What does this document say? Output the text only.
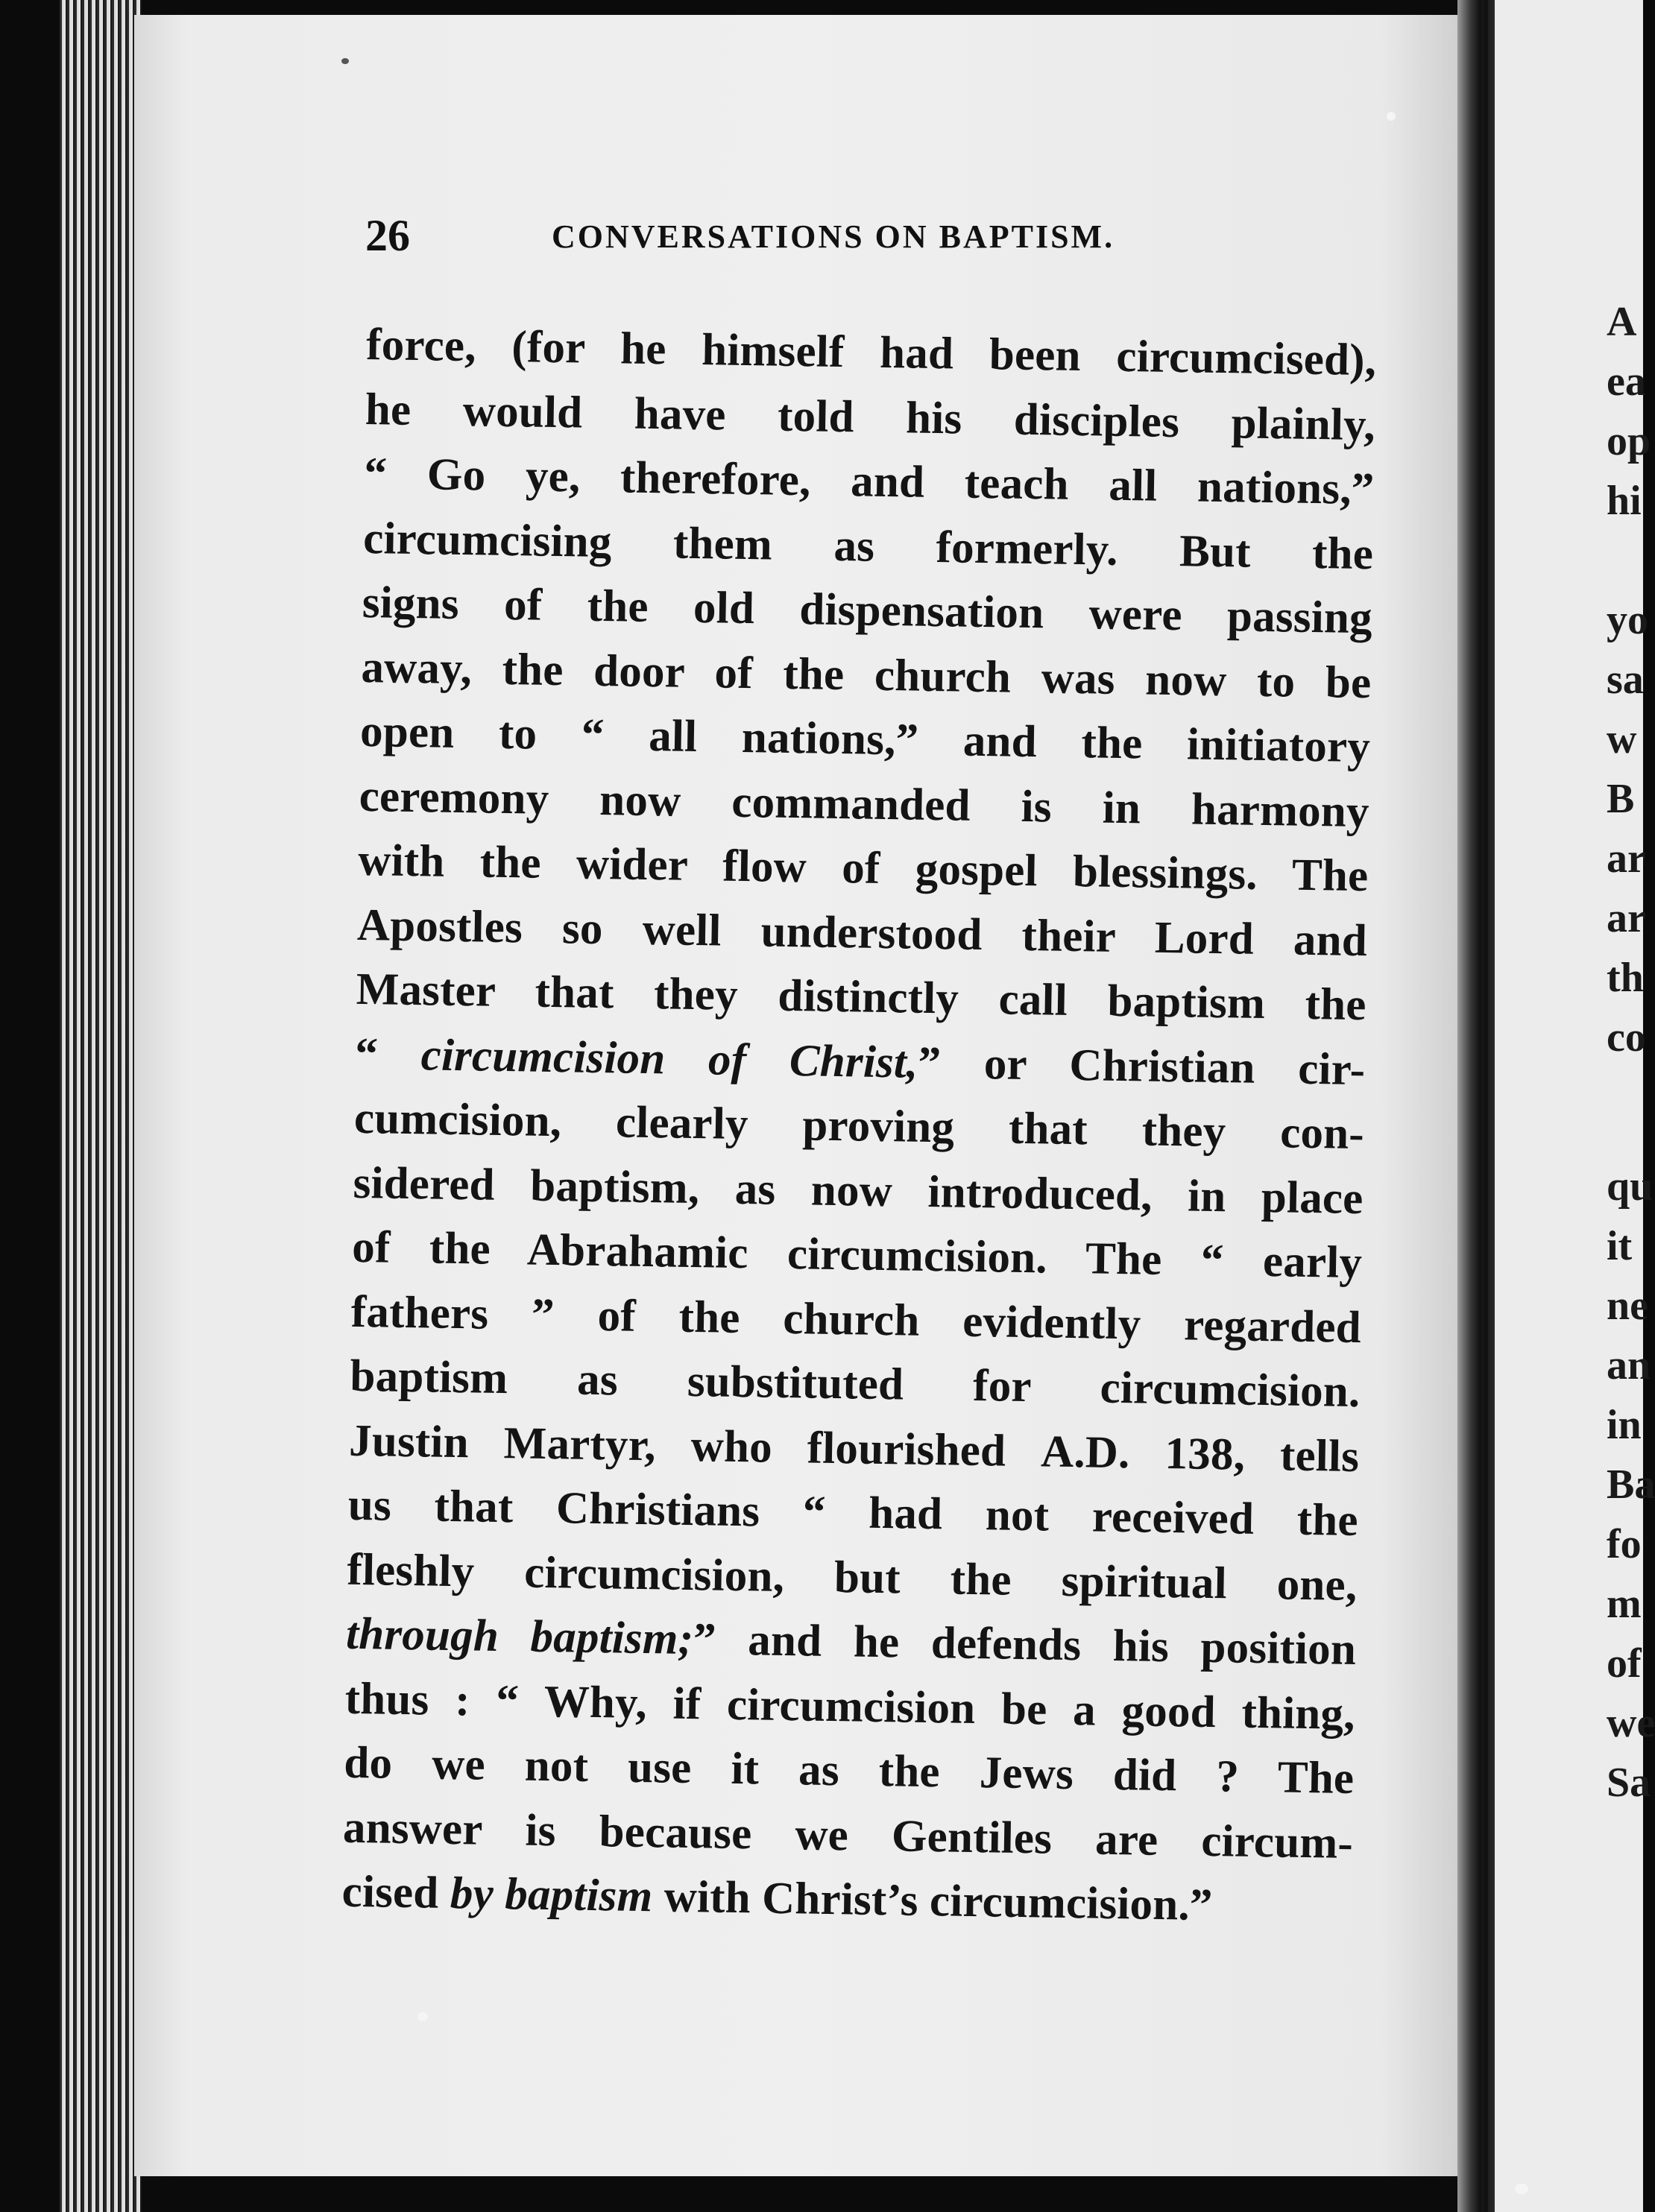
26	CONVERSATIONS ON BAPTISM.
force, (for he himself had been circumcised),
he would have told his disciples plainly,
“ Go ye, therefore, and teach all nations,”
circumcising them as formerly. But the
signs of the old dispensation were passing
away, the door of the church was now to be
open to “ all nations,” and the initiatory
ceremony now commanded is in harmony
with the wider flow of gospel blessings. The
Apostles so well understood their Lord and
Master that they distinctly call baptism the
“ circumcision of Christ,” or Christian cir-
cumcision, clearly proving that they con-
sidered baptism, as now introduced, in place
of the Abrahamic circumcision. The “ early
fathers ” of the church evidently regarded
baptism as substituted for circumcision.
Justin Martyr, who flourished A.D. 138, tells
us that Christians “ had not received the
fleshly circumcision, but the spiritual one,
through baptism;” and he defends his position
thus : “ Why, if circumcision be a good thing,
do we not use it as the Jews did ? The
answer is because we Gentiles are circum-
cised by baptism with Christ’s circumcision.”
A
ea
op
hi
yo
sa
w
B
ar
ar
th
co
qu
it
ne
an
in
Ba
fo
m
of
we
Sa
